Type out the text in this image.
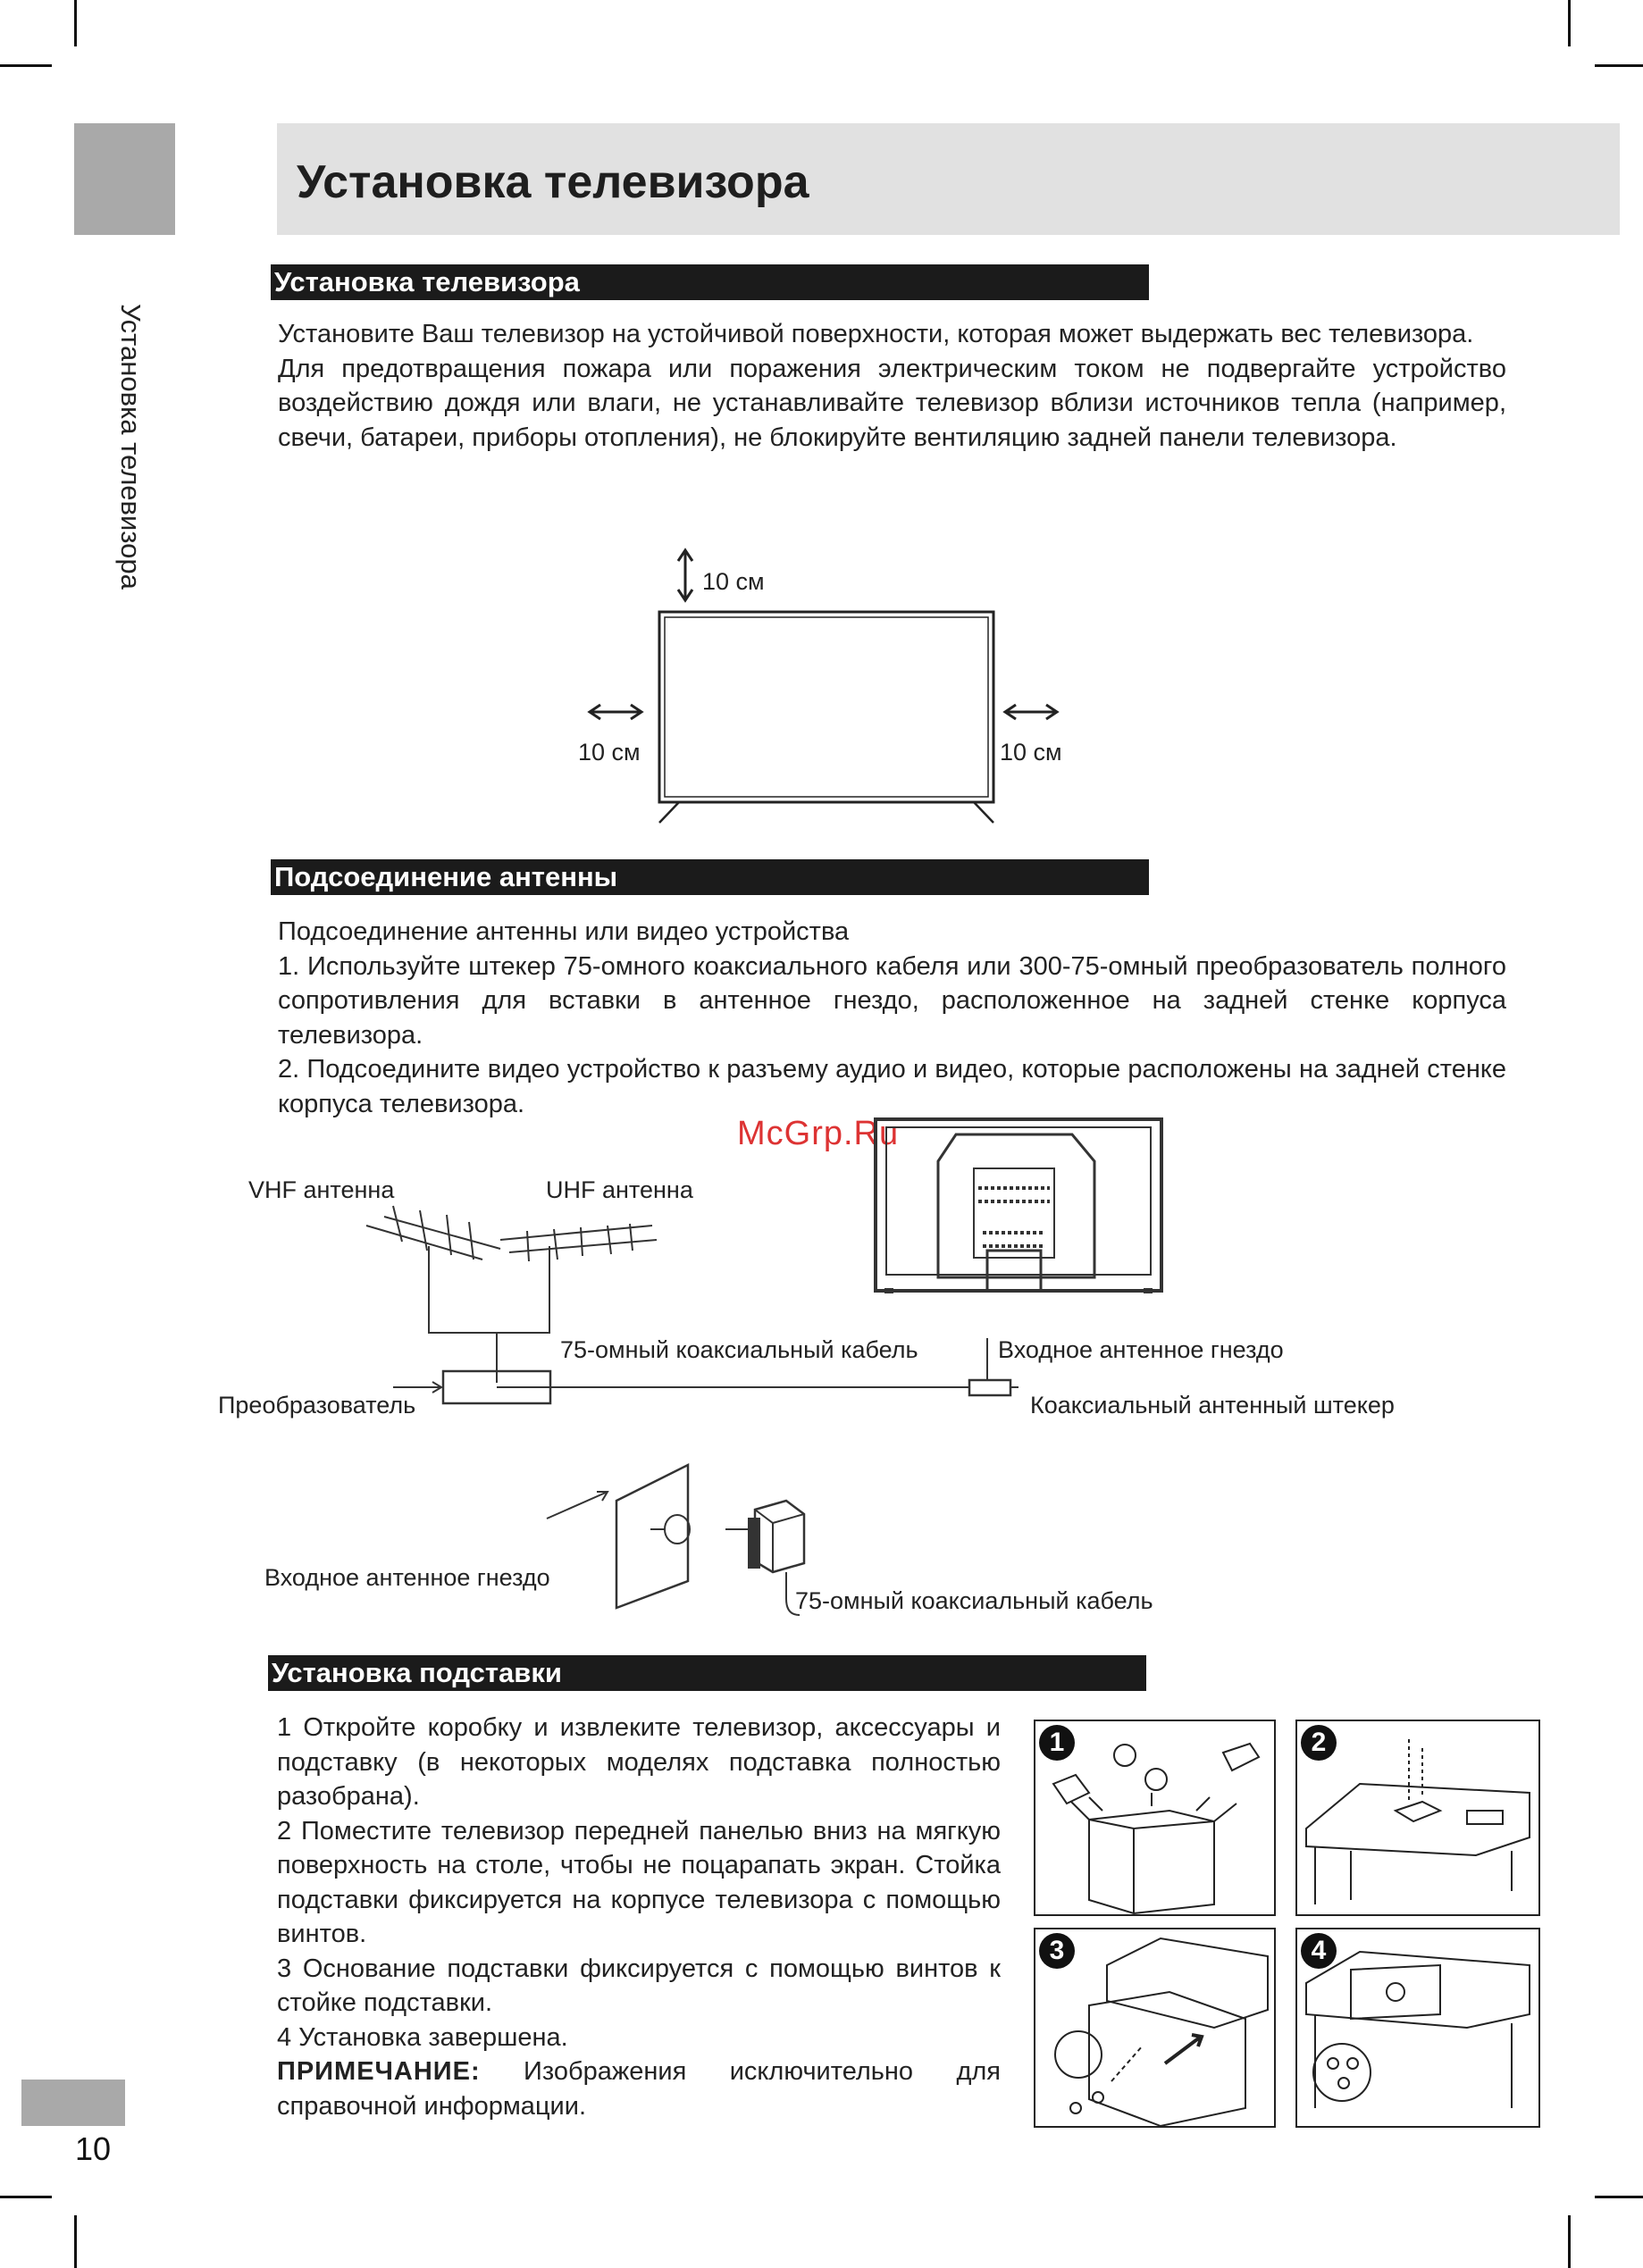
Установка телевизора
Установка телевизора
Установка телевизора

Установите Ваш телевизор на устойчивой поверхности, которая может выдержать вес телевизора.

Для предотвращения пожара или поражения электрическим током не подвергайте устройство воздействию дождя или влаги, не устанавливайте телевизор вблизи источников тепла (например, свечи, батареи, приборы отопления), не блокируйте вентиляцию задней панели телевизора.

10 см
10 см	10 см
Подсоединение антенны

Подсоединение антенны или видео устройства

1. Используйте штекер 75-омного коаксиального кабеля или 300-75-омный преобразователь полного сопротивления для вставки в антенное гнездо, расположенное на задней стенке корпуса телевизора.

2. Подсоедините видео устройство к разъему аудио и видео, которые расположены на задней стенке корпуса телевизора.

McGrp.Ru
VHF антенна	UHF антенна
75-омный коаксиальный кабель	Входное антенное гнездо
Преобразователь	Коаксиальный антенный штекер
Входное антенное гнездо
75-омный коаксиальный кабель
Установка подставки

1 Откройте коробку и извлеките телевизор, аксессуары и подставку (в некоторых моделях подставка полностью разобрана).

2 Поместите телевизор передней панелью вниз на мягкую поверхность на столе, чтобы не поцарапать экран. Стойка подставки фиксируется на корпусе телевизора с помощью винтов.

3 Основание подставки фиксируется с помощью винтов к стойке подставки.

4 Установка завершена.

ПРИМЕЧАНИЕ: Изображения исключительно для справочной информации.

1	2
3	4
10
